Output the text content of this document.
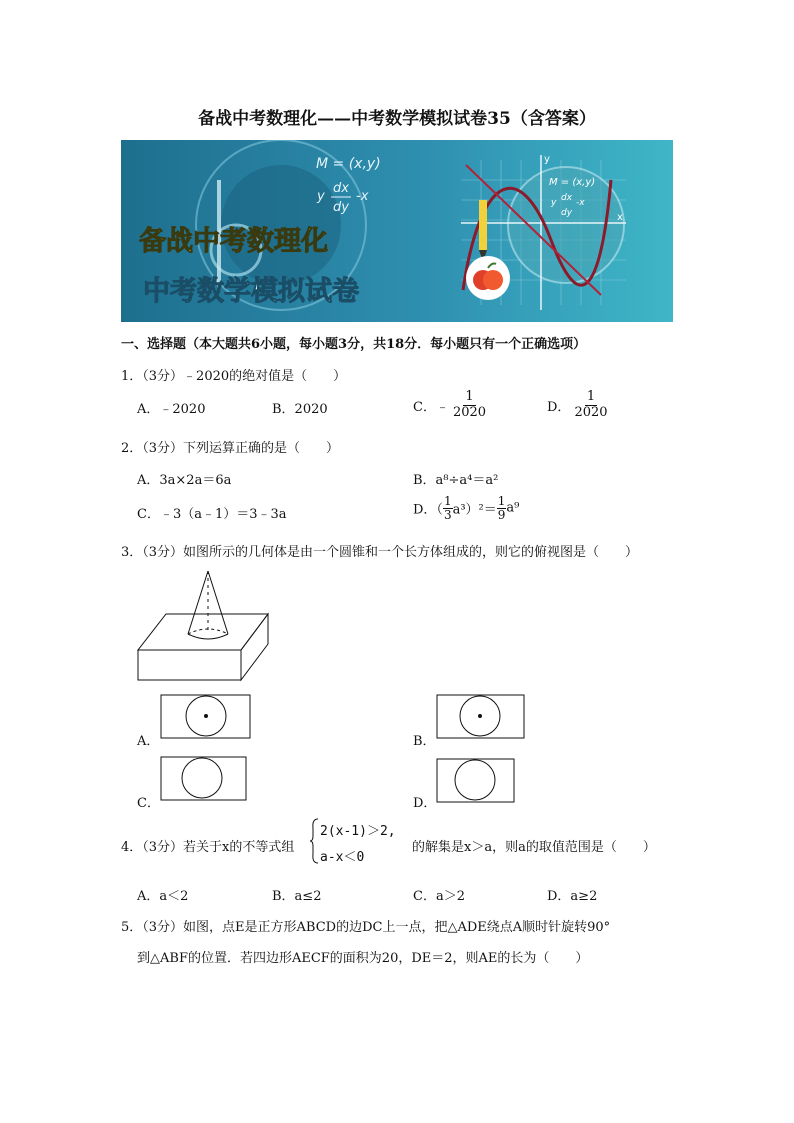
备战中考数理化——中考数学模拟试卷35（含答案）
M = (x,y)
y
dx
dy
-x
备战中考数理化
中考数学模拟试卷
x
y
M = (x,y)
y dx
dy
-x
一、选择题（本大题共6小题，每小题3分，共18分．每小题只有一个正确选项）
1．（3分）﹣2020的绝对值是（　　）
A．﹣2020	B．2020	C．﹣ $\frac{1}{2020}$	D． $\frac{1}{2020}$
2．（3分）下列运算正确的是（　　）
A．3a×2a＝6a	B．a⁸÷a⁴＝a²
C．﹣3（a﹣1）＝3﹣3a	D．（ $\frac{1}{3} a^3)^2= \frac{1}{9} a^9$
3．（3分）如图所示的几何体是由一个圆锥和一个长方体组成的，则它的俯视图是（　　）
A．	B．
C．	D．
4．（3分）若关于x的不等式组
2(x-1)＞2,
a-x＜0
的解集是x＞a，则a的取值范围是（　　）
A．a＜2	B．a≤2	C．a＞2	D．a≥2
5．（3分）如图，点E是正方形ABCD的边DC上一点，把△ADE绕点A顺时针旋转90°
到△ABF的位置．若四边形AECF的面积为20，DE＝2，则AE的长为（　　）
